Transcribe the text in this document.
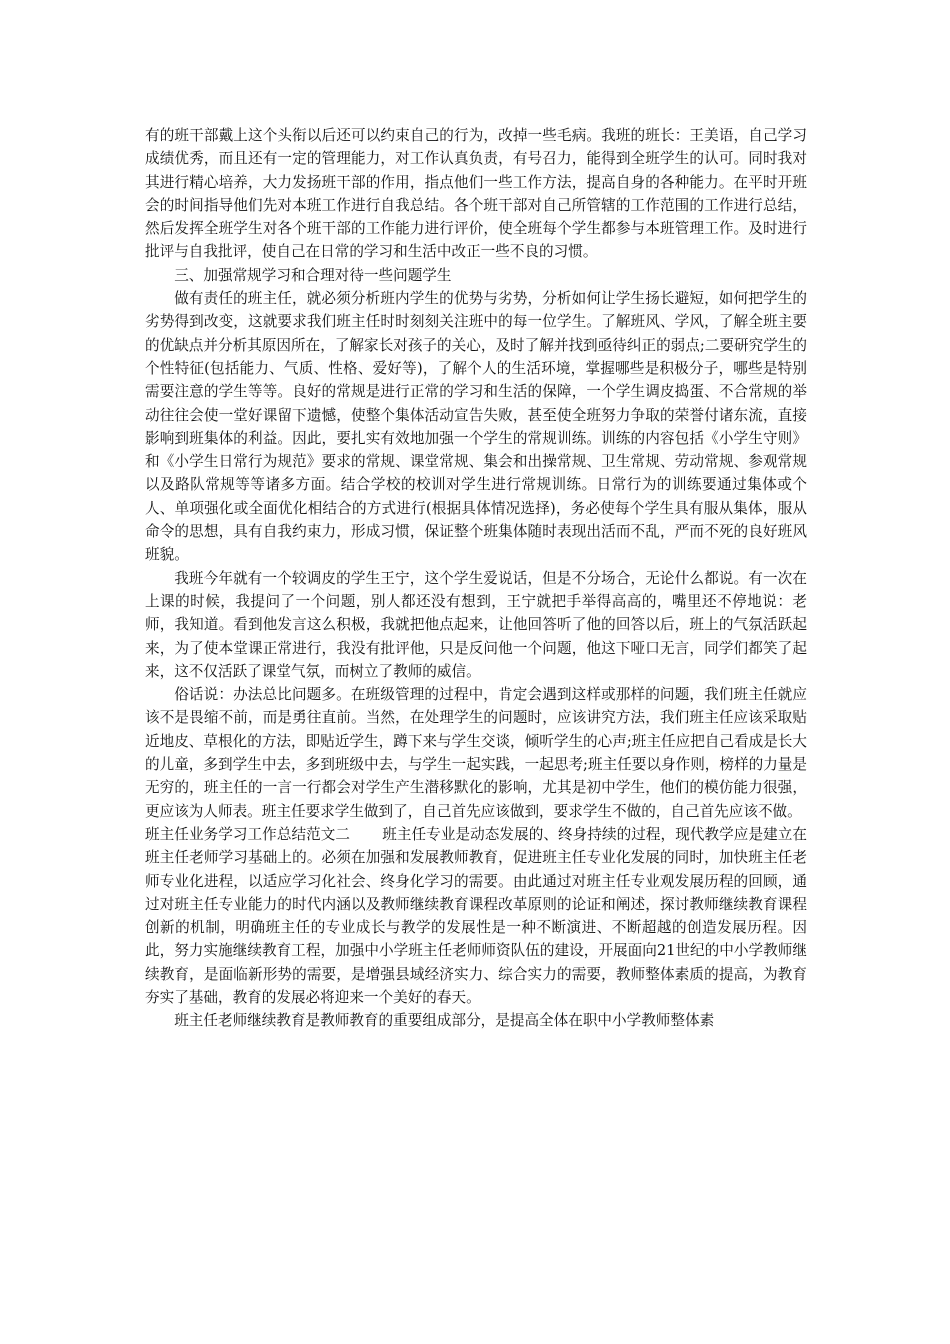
有的班干部戴上这个头衔以后还可以约束自己的行为，改掉一些毛病。我班的班长：王美语，自己学习成绩优秀，而且还有一定的管理能力，对工作认真负责，有号召力，能得到全班学生的认可。同时我对其进行精心培养，大力发扬班干部的作用，指点他们一些工作方法，提高自身的各种能力。在平时开班会的时间指导他们先对本班工作进行自我总结。各个班干部对自己所管辖的工作范围的工作进行总结，然后发挥全班学生对各个班干部的工作能力进行评价，使全班每个学生都参与本班管理工作。及时进行批评与自我批评，使自己在日常的学习和生活中改正一些不良的习惯。

三、加强常规学习和合理对待一些问题学生

做有责任的班主任，就必须分析班内学生的优势与劣势，分析如何让学生扬长避短，如何把学生的劣势得到改变，这就要求我们班主任时时刻刻关注班中的每一位学生。了解班风、学风，了解全班主要的优缺点并分析其原因所在，了解家长对孩子的关心，及时了解并找到亟待纠正的弱点;二要研究学生的个性特征(包括能力、气质、性格、爱好等)，了解个人的生活环境，掌握哪些是积极分子，哪些是特别需要注意的学生等等。良好的常规是进行正常的学习和生活的保障，一个学生调皮捣蛋、不合常规的举动往往会使一堂好课留下遗憾，使整个集体活动宣告失败，甚至使全班努力争取的荣誉付诸东流，直接影响到班集体的利益。因此，要扎实有效地加强一个学生的常规训练。训练的内容包括《小学生守则》和《小学生日常行为规范》要求的常规、课堂常规、集会和出操常规、卫生常规、劳动常规、参观常规以及路队常规等等诸多方面。结合学校的校训对学生进行常规训练。日常行为的训练要通过集体或个人、单项强化或全面优化相结合的方式进行(根据具体情况选择)，务必使每个学生具有服从集体，服从命令的思想，具有自我约束力，形成习惯，保证整个班集体随时表现出活而不乱，严而不死的良好班风班貌。

我班今年就有一个较调皮的学生王宁，这个学生爱说话，但是不分场合，无论什么都说。有一次在上课的时候，我提问了一个问题，别人都还没有想到，王宁就把手举得高高的，嘴里还不停地说：老师，我知道。看到他发言这么积极，我就把他点起来，让他回答听了他的回答以后，班上的气氛活跃起来，为了使本堂课正常进行，我没有批评他，只是反问他一个问题，他这下哑口无言，同学们都笑了起来，这不仅活跃了课堂气氛，而树立了教师的威信。

俗话说：办法总比问题多。在班级管理的过程中，肯定会遇到这样或那样的问题，我们班主任就应该不是畏缩不前，而是勇往直前。当然，在处理学生的问题时，应该讲究方法，我们班主任应该采取贴近地皮、草根化的方法，即贴近学生，蹲下来与学生交谈，倾听学生的心声;班主任应把自己看成是长大的儿童，多到学生中去，多到班级中去，与学生一起实践，一起思考;班主任要以身作则，榜样的力量是无穷的，班主任的一言一行都会对学生产生潜移默化的影响，尤其是初中学生，他们的模仿能力很强，更应该为人师表。班主任要求学生做到了，自己首先应该做到，要求学生不做的，自己首先应该不做。

班主任业务学习工作总结范文二 班主任专业是动态发展的、终身持续的过程，现代教学应是建立在班主任老师学习基础上的。必须在加强和发展教师教育，促进班主任专业化发展的同时，加快班主任老师专业化进程，以适应学习化社会、终身化学习的需要。由此通过对班主任专业观发展历程的回顾，通过对班主任专业能力的时代内涵以及教师继续教育课程改革原则的论证和阐述，探讨教师继续教育课程创新的机制，明确班主任的专业成长与教学的发展性是一种不断演进、不断超越的创造发展历程。因此，努力实施继续教育工程，加强中小学班主任老师师资队伍的建设，开展面向21世纪的中小学教师继续教育，是面临新形势的需要，是增强县域经济实力、综合实力的需要，教师整体素质的提高，为教育夯实了基础，教育的发展必将迎来一个美好的春天。

班主任老师继续教育是教师教育的重要组成部分，是提高全体在职中小学教师整体素
